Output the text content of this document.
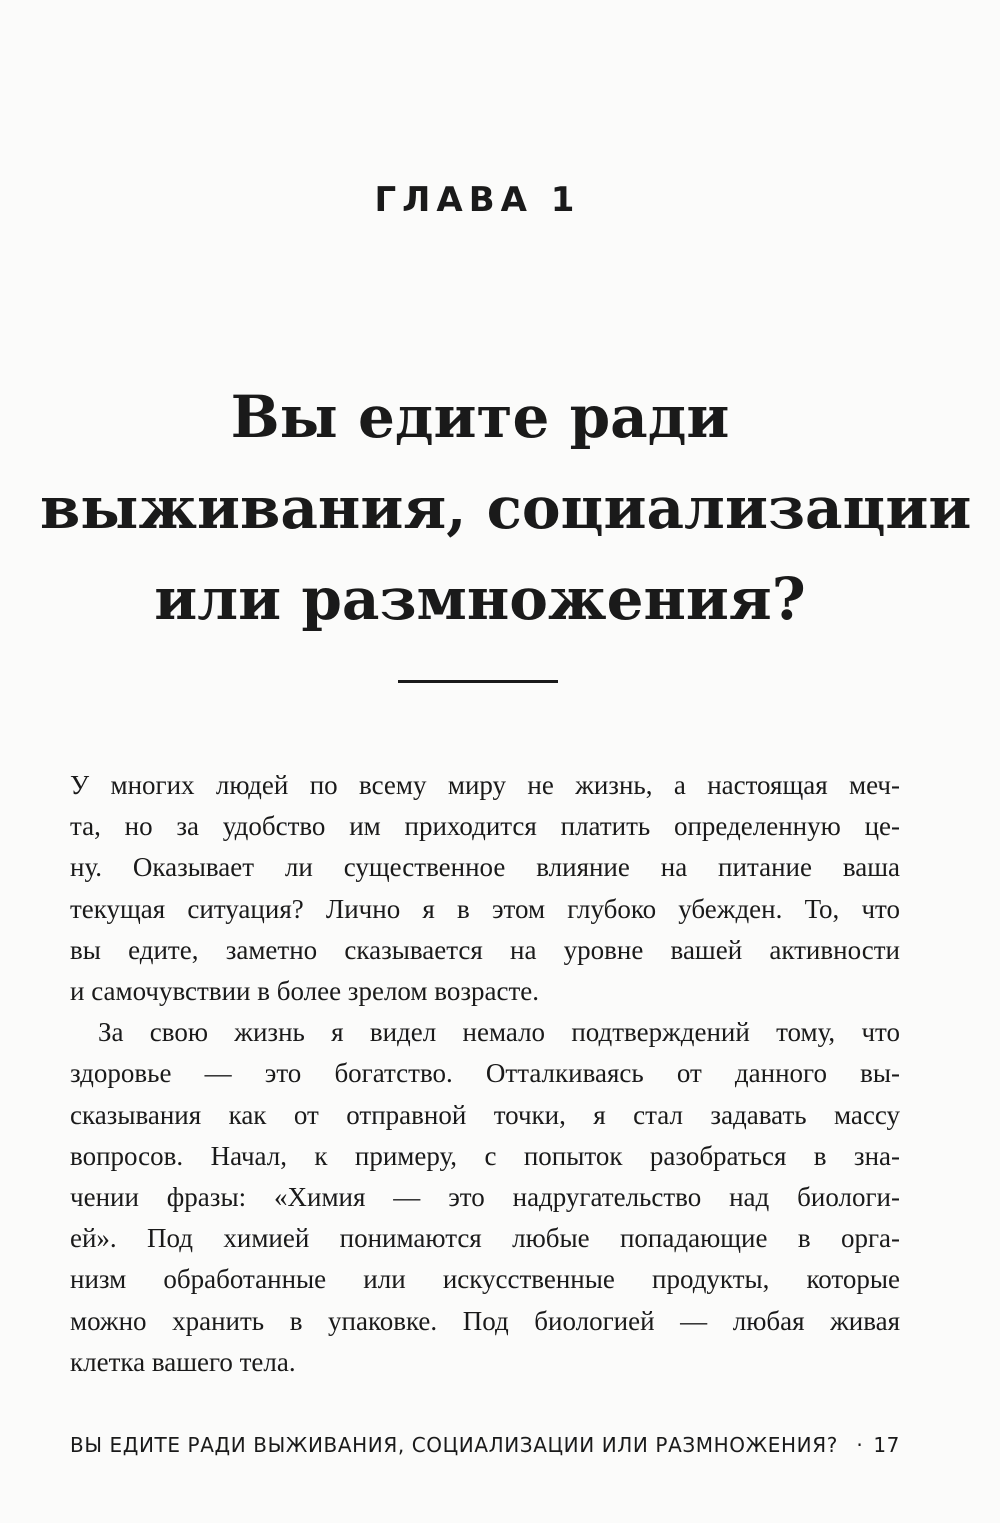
ГЛАВА 1
Вы едите ради
выживания, социализации
или размножения?

У многих людей по всему миру не жизнь, а настоящая меч-
та, но за удобство им приходится платить определенную це-
ну. Оказывает ли существенное влияние на питание ваша
текущая ситуация? Лично я в этом глубоко убежден. То, что
вы едите, заметно сказывается на уровне вашей активности
и самочувствии в более зрелом возрасте.

За свою жизнь я видел немало подтверждений тому, что
здоровье — это богатство. Отталкиваясь от данного вы-
сказывания как от отправной точки, я стал задавать массу
вопросов. Начал, к примеру, с попыток разобраться в зна-
чении фразы: «Химия — это надругательство над биологи-
ей». Под химией понимаются любые попадающие в орга-
низм обработанные или искусственные продукты, которые
можно хранить в упаковке. Под биологией — любая живая
клетка вашего тела.

ВЫ ЕДИТЕ РАДИ ВЫЖИВАНИЯ, СОЦИАЛИЗАЦИИ ИЛИ РАЗМНОЖЕНИЯ? · 17
